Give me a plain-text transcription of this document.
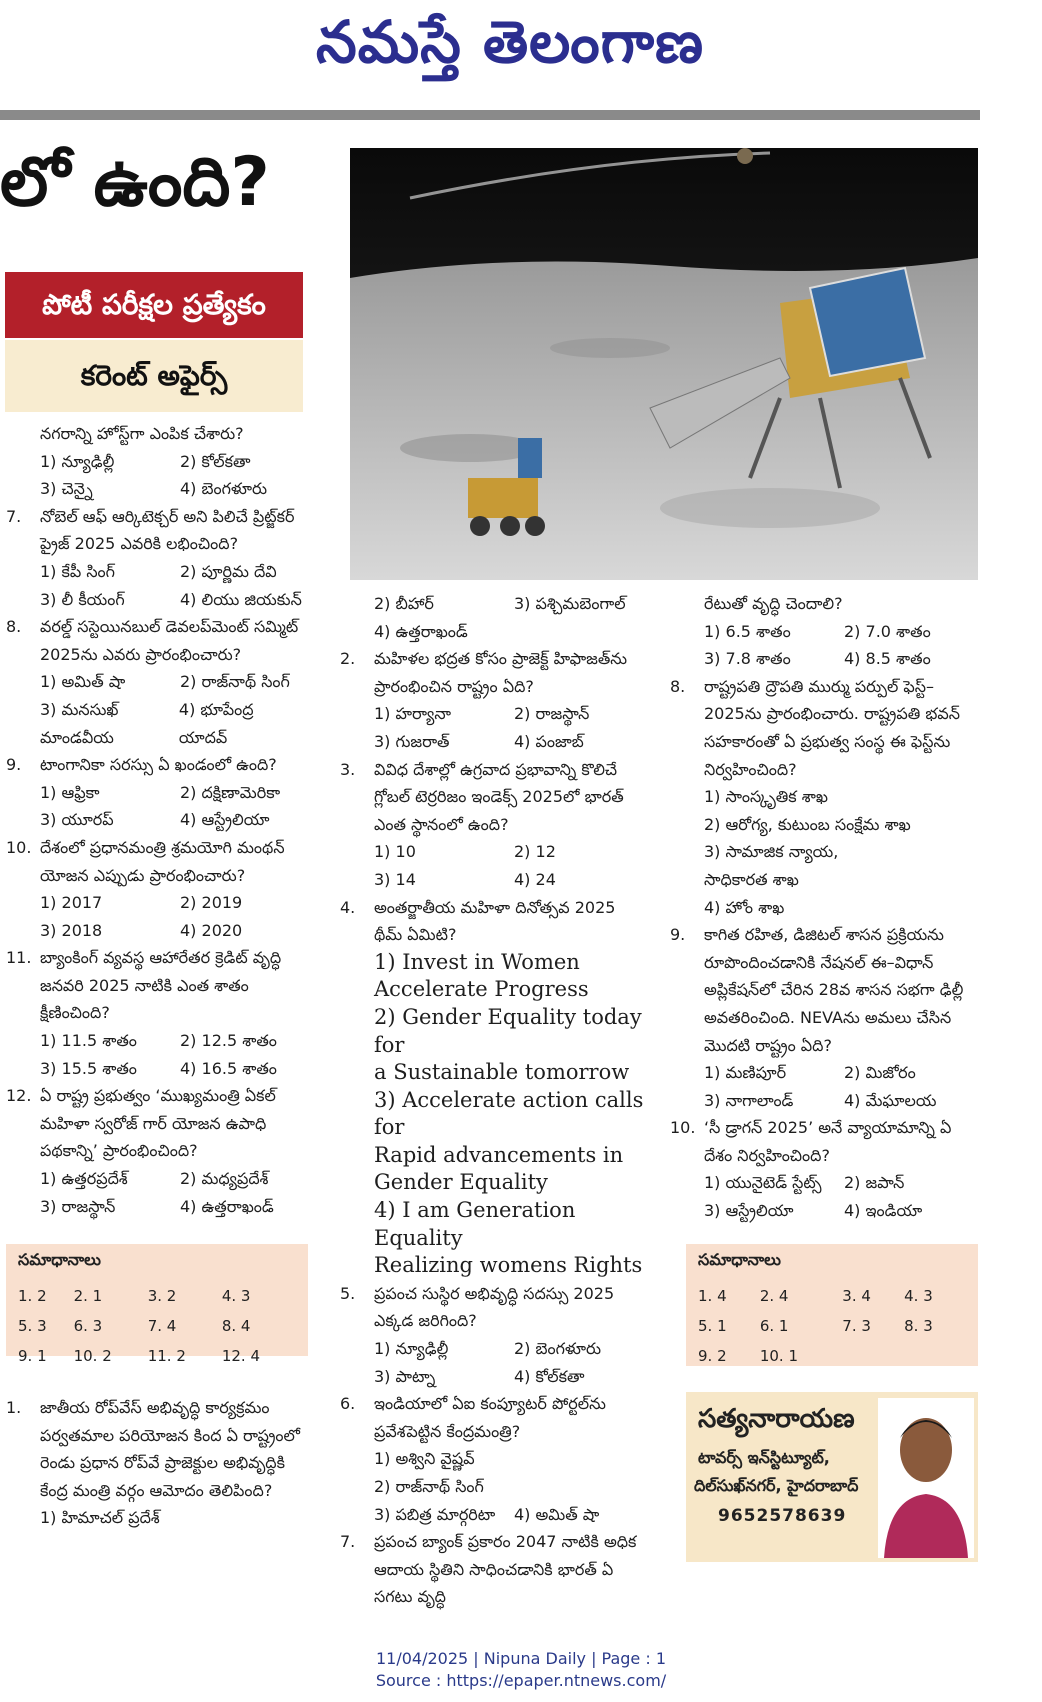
నమస్తే తెలంగాణ
లో ఉంది?
పోటీ పరీక్షల ప్రత్యేకం
కరెంట్ అఫైర్స్
నగరాన్ని హోస్ట్‌గా ఎంపిక చేశారు?
1) న్యూఢిల్లీ	2) కోల్‌కతా
3) చెన్నై	4) బెంగళూరు
7. నోబెల్ ఆఫ్ ఆర్కిటెక్చర్ అని పిలిచే ప్రిట్జ్‌కర్ ప్రైజ్ 2025 ఎవరికి లభించింది?
1) కేపీ సింగ్	2) పూర్ణిమ దేవి
3) లీ కీయంగ్	4) లియు జియకున్
8. వరల్డ్ సస్టెయినబుల్ డెవలప్‌మెంట్ సమ్మిట్ 2025ను ఎవరు ప్రారంభించారు?
1) అమిత్ షా	2) రాజ్‌నాథ్ సింగ్
3) మనసుఖ్ మాండవీయ
4) భూపేంద్ర యాదవ్
9. టాంగానికా సరస్సు ఏ ఖండంలో ఉంది?
1) ఆఫ్రికా	2) దక్షిణామెరికా
3) యూరప్	4) ఆస్ట్రేలియా
10. దేశంలో ప్రధానమంత్రి శ్రమయోగి మంథన్ యోజన ఎప్పుడు ప్రారంభించారు?
1) 2017	2) 2019
3) 2018	4) 2020
11. బ్యాంకింగ్ వ్యవస్థ ఆహారేతర క్రెడిట్ వృద్ధి జనవరి 2025 నాటికి ఎంత శాతం క్షీణించింది?
1) 11.5 శాతం	2) 12.5 శాతం
3) 15.5 శాతం	4) 16.5 శాతం
12. ఏ రాష్ట్ర ప్రభుత్వం ‘ముఖ్యమంత్రి ఏకల్ మహిళా స్వరోజ్ గార్ యోజన ఉపాధి పథకాన్ని’ ప్రారంభించింది?
1) ఉత్తరప్రదేశ్	2) మధ్యప్రదేశ్
3) రాజస్థాన్	4) ఉత్తరాఖండ్
సమాధానాలు
1. 2	2. 1	3. 2	4. 3
5. 3	6. 3	7. 4	8. 4
9. 1	10. 2	11. 2	12. 4
1. జాతీయ రోప్‌వేస్ అభివృద్ధి కార్యక్రమం పర్వతమాల పరియోజన కింద ఏ రాష్ట్రంలో రెండు ప్రధాన రోప్‌వే ప్రాజెక్టుల అభివృద్ధికి కేంద్ర మంత్రి వర్గం ఆమోదం తెలిపింది?
1) హిమాచల్ ప్రదేశ్
2) బీహార్	3) పశ్చిమబెంగాల్
4) ఉత్తరాఖండ్
2. మహిళల భద్రత కోసం ప్రాజెక్ట్ హిఫాజత్‌ను ప్రారంభించిన రాష్ట్రం ఏది?
1) హర్యానా	2) రాజస్థాన్
3) గుజరాత్	4) పంజాబ్
3. వివిధ దేశాల్లో ఉగ్రవాద ప్రభావాన్ని కొలిచే గ్లోబల్ టెర్రరిజం ఇండెక్స్ 2025లో భారత్ ఎంత స్థానంలో ఉంది?
1) 10	2) 12
3) 14	4) 24
4. అంతర్జాతీయ మహిళా దినోత్సవ 2025 థీమ్ ఏమిటి?
1) Invest in Women
Accelerate Progress
2) Gender Equality today for
a Sustainable tomorrow
3) Accelerate action calls for
Rapid advancements in
Gender Equality
4) I am Generation Equality
Realizing womens Rights
5. ప్రపంచ సుస్థిర అభివృద్ధి సదస్సు 2025 ఎక్కడ జరిగింది?
1) న్యూఢిల్లీ	2) బెంగళూరు
3) పాట్నా	4) కోల్‌కతా
6. ఇండియాలో ఏఐ కంప్యూటర్ పోర్టల్‌ను ప్రవేశపెట్టిన కేంద్రమంత్రి?
1) అశ్విని వైష్ణవ్
2) రాజ్‌నాథ్ సింగ్
3) పబిత్ర మార్గరిటా	4) అమిత్ షా
7. ప్రపంచ బ్యాంక్ ప్రకారం 2047 నాటికి అధిక ఆదాయ స్థితిని సాధించడానికి భారత్ ఏ సగటు వృద్ధి
రేటుతో వృద్ధి చెందాలి?
1) 6.5 శాతం	2) 7.0 శాతం
3) 7.8 శాతం	4) 8.5 శాతం
8. రాష్ట్రపతి ద్రౌపతి ముర్ము పర్పుల్ ఫెస్ట్–2025ను ప్రారంభించారు. రాష్ట్రపతి భవన్ సహకారంతో ఏ ప్రభుత్వ సంస్థ ఈ ఫెస్ట్‌ను నిర్వహించింది?
1) సాంస్కృతిక శాఖ
2) ఆరోగ్య, కుటుంబ సంక్షేమ శాఖ
3) సామాజిక న్యాయ,
సాధికారత శాఖ
4) హోం శాఖ
9. కాగిత రహిత, డిజిటల్ శాసన ప్రక్రియను రూపొందించడానికి నేషనల్ ఈ–విధాన్ అప్లికేషన్‌లో చేరిన 28వ శాసన సభగా ఢిల్లీ అవతరించింది. NEVAను అమలు చేసిన మొదటి రాష్ట్రం ఏది?
1) మణిపూర్	2) మిజోరం
3) నాగాలాండ్	4) మేఘాలయ
10. ‘సీ డ్రాగన్ 2025’ అనే వ్యాయామాన్ని ఏ దేశం నిర్వహించింది?
1) యునైటెడ్ స్టేట్స్	2) జపాన్
3) ఆస్ట్రేలియా	4) ఇండియా
సమాధానాలు
1. 4	2. 4	3. 4	4. 3
5. 1	6. 1	7. 3	8. 3
9. 2	10. 1		
సత్యనారాయణ
టావర్స్ ఇన్‌స్టిట్యూట్,
దిల్‌సుఖ్‌నగర్, హైదరాబాద్
9652578639
11/04/2025 | Nipuna Daily | Page : 1
Source : https://epaper.ntnews.com/
